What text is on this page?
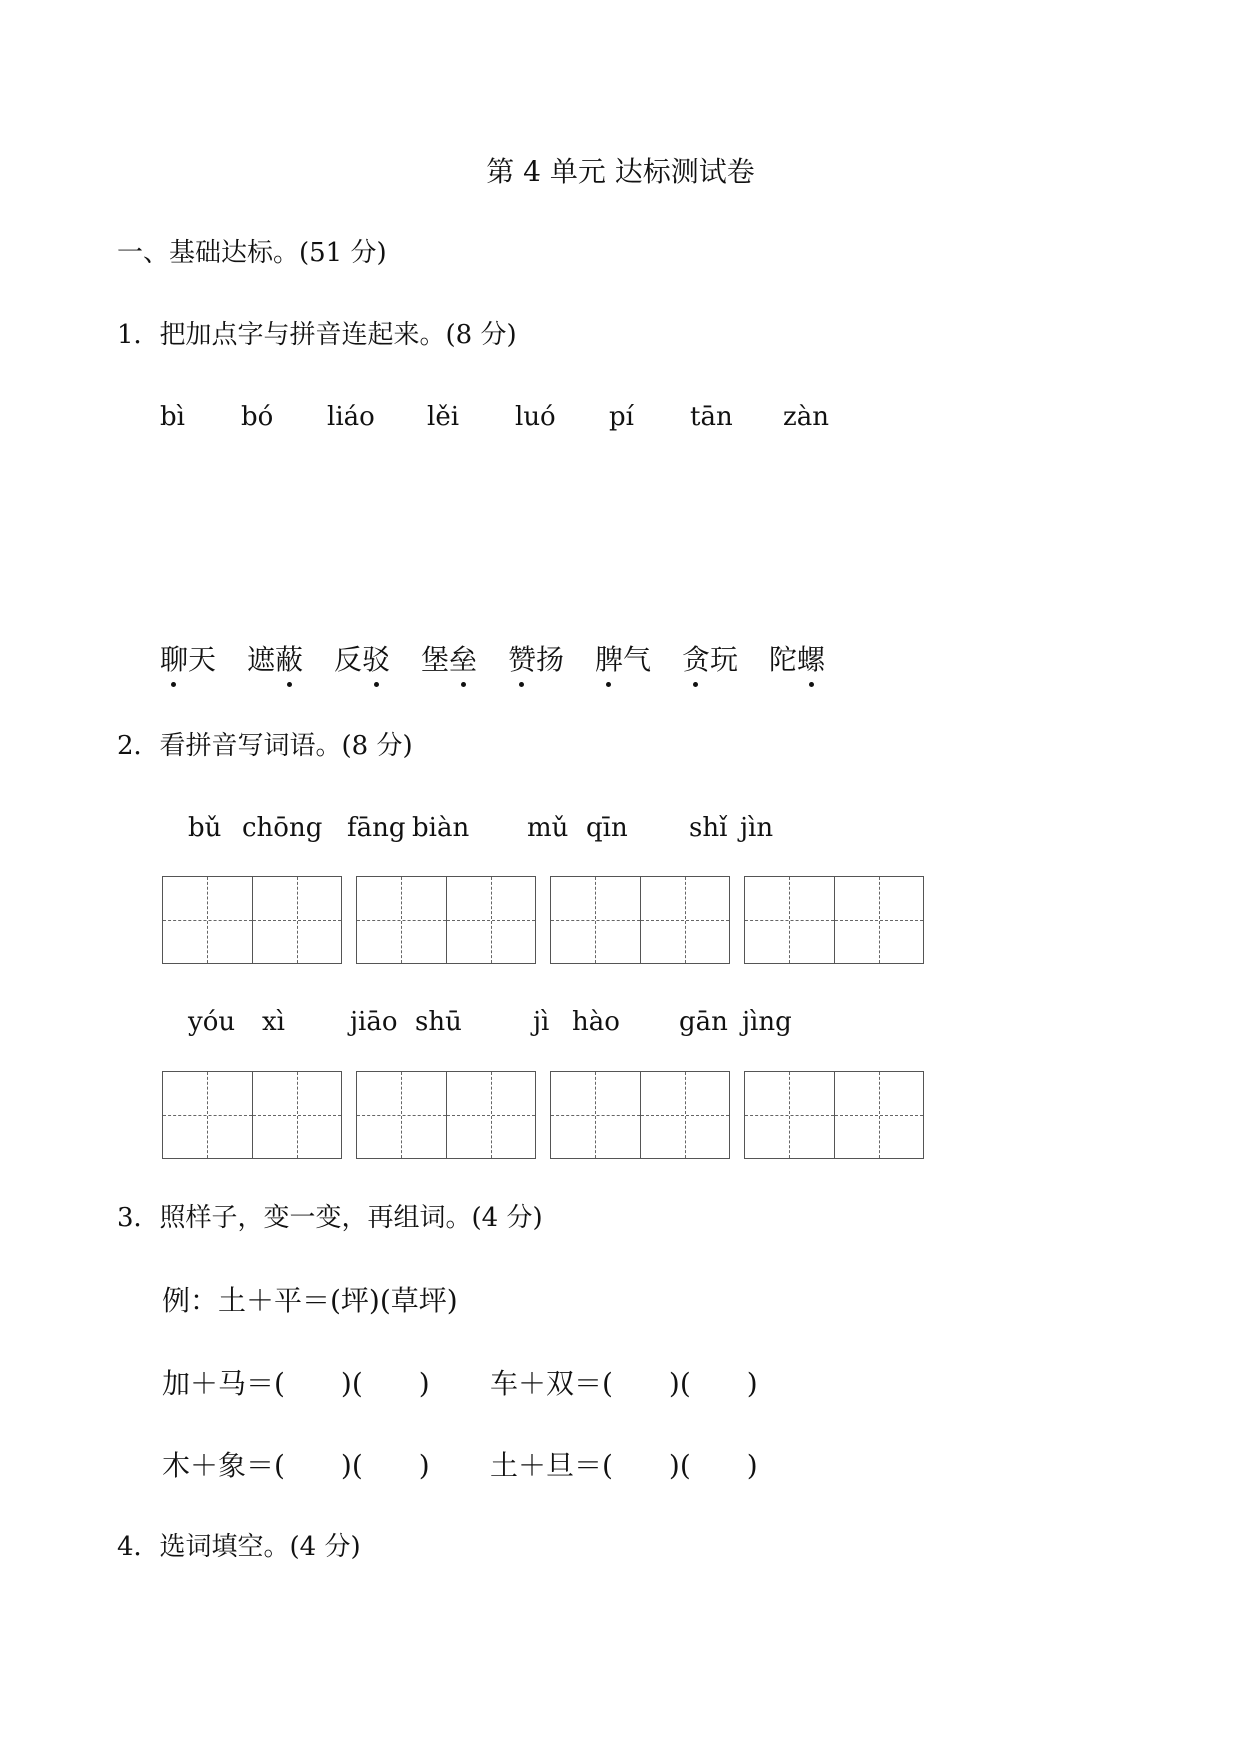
第 4 单元 达标测试卷
一、基础达标。(51 分)
1．把加点字与拼音连起来。(8 分)
bì bó liáo lěi luó pí tān zàn
聊天 遮蔽 反驳 堡垒 赞扬 脾气 贪玩 陀螺
2．看拼音写词语。(8 分)
bǔ chōng fāng biàn mǔ qīn shǐ jìn
yóu xì	jiāo shū	jì hào gān jìng
3．照样子，变一变，再组词。(4 分)
例：土＋平＝(坪)(草坪)
加＋马＝(　　)(　　) 车＋双＝(　　)(　　)
木＋象＝(　　)(　　) 土＋旦＝(　　)(　　)
4．选词填空。(4 分)
